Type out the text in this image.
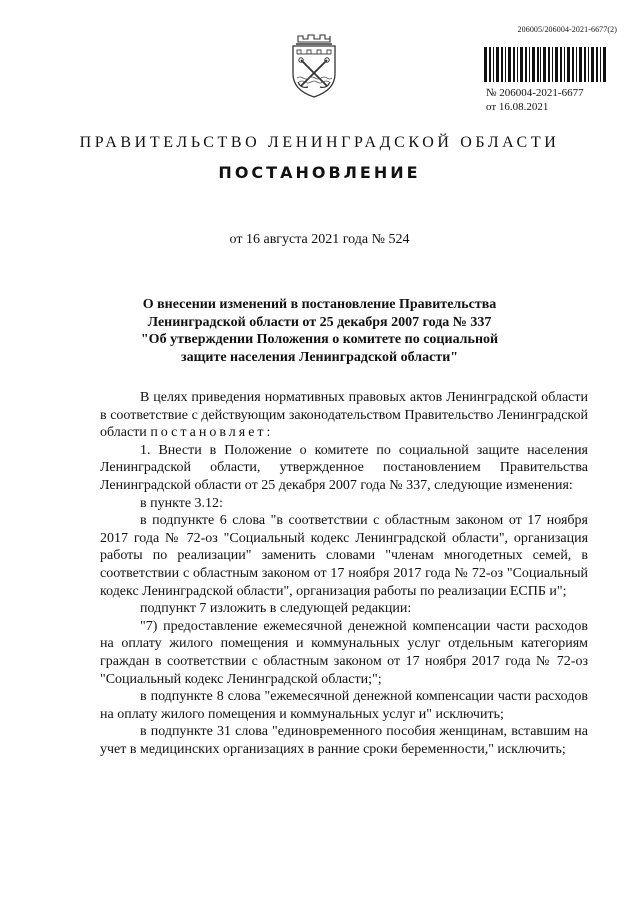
206005/206004-2021-6677(2)
№ 206004-2021-6677
от 16.08.2021
ПРАВИТЕЛЬСТВО ЛЕНИНГРАДСКОЙ ОБЛАСТИ
ПОСТАНОВЛЕНИЕ
от 16 августа 2021 года № 524
О внесении изменений в постановление Правительства
Ленинградской области от 25 декабря 2007 года № 337
"Об утверждении Положения о комитете по социальной
защите населения Ленинградской области"

В целях приведения нормативных правовых актов Ленинградской области в соответствие с действующим законодательством Правительство Ленинградской области постановляет:

1. Внести в Положение о комитете по социальной защите населения Ленинградской области, утвержденное постановлением Правительства Ленинградской области от 25 декабря 2007 года № 337, следующие изменения:

в пункте 3.12:

в подпункте 6 слова "в соответствии с областным законом от 17 ноября 2017 года № 72-оз "Социальный кодекс Ленинградской области", организация работы по реализации" заменить словами "членам многодетных семей, в соответствии с областным законом от 17 ноября 2017 года № 72-оз "Социальный кодекс Ленинградской области", организация работы по реализации ЕСПБ и";

подпункт 7 изложить в следующей редакции:

"7) предоставление ежемесячной денежной компенсации части расходов на оплату жилого помещения и коммунальных услуг отдельным категориям граждан в соответствии с областным законом от 17 ноября 2017 года № 72-оз "Социальный кодекс Ленинградской области;";

в подпункте 8 слова "ежемесячной денежной компенсации части расходов на оплату жилого помещения и коммунальных услуг и" исключить;

в подпункте 31 слова "единовременного пособия женщинам, вставшим на учет в медицинских организациях в ранние сроки беременности," исключить;
